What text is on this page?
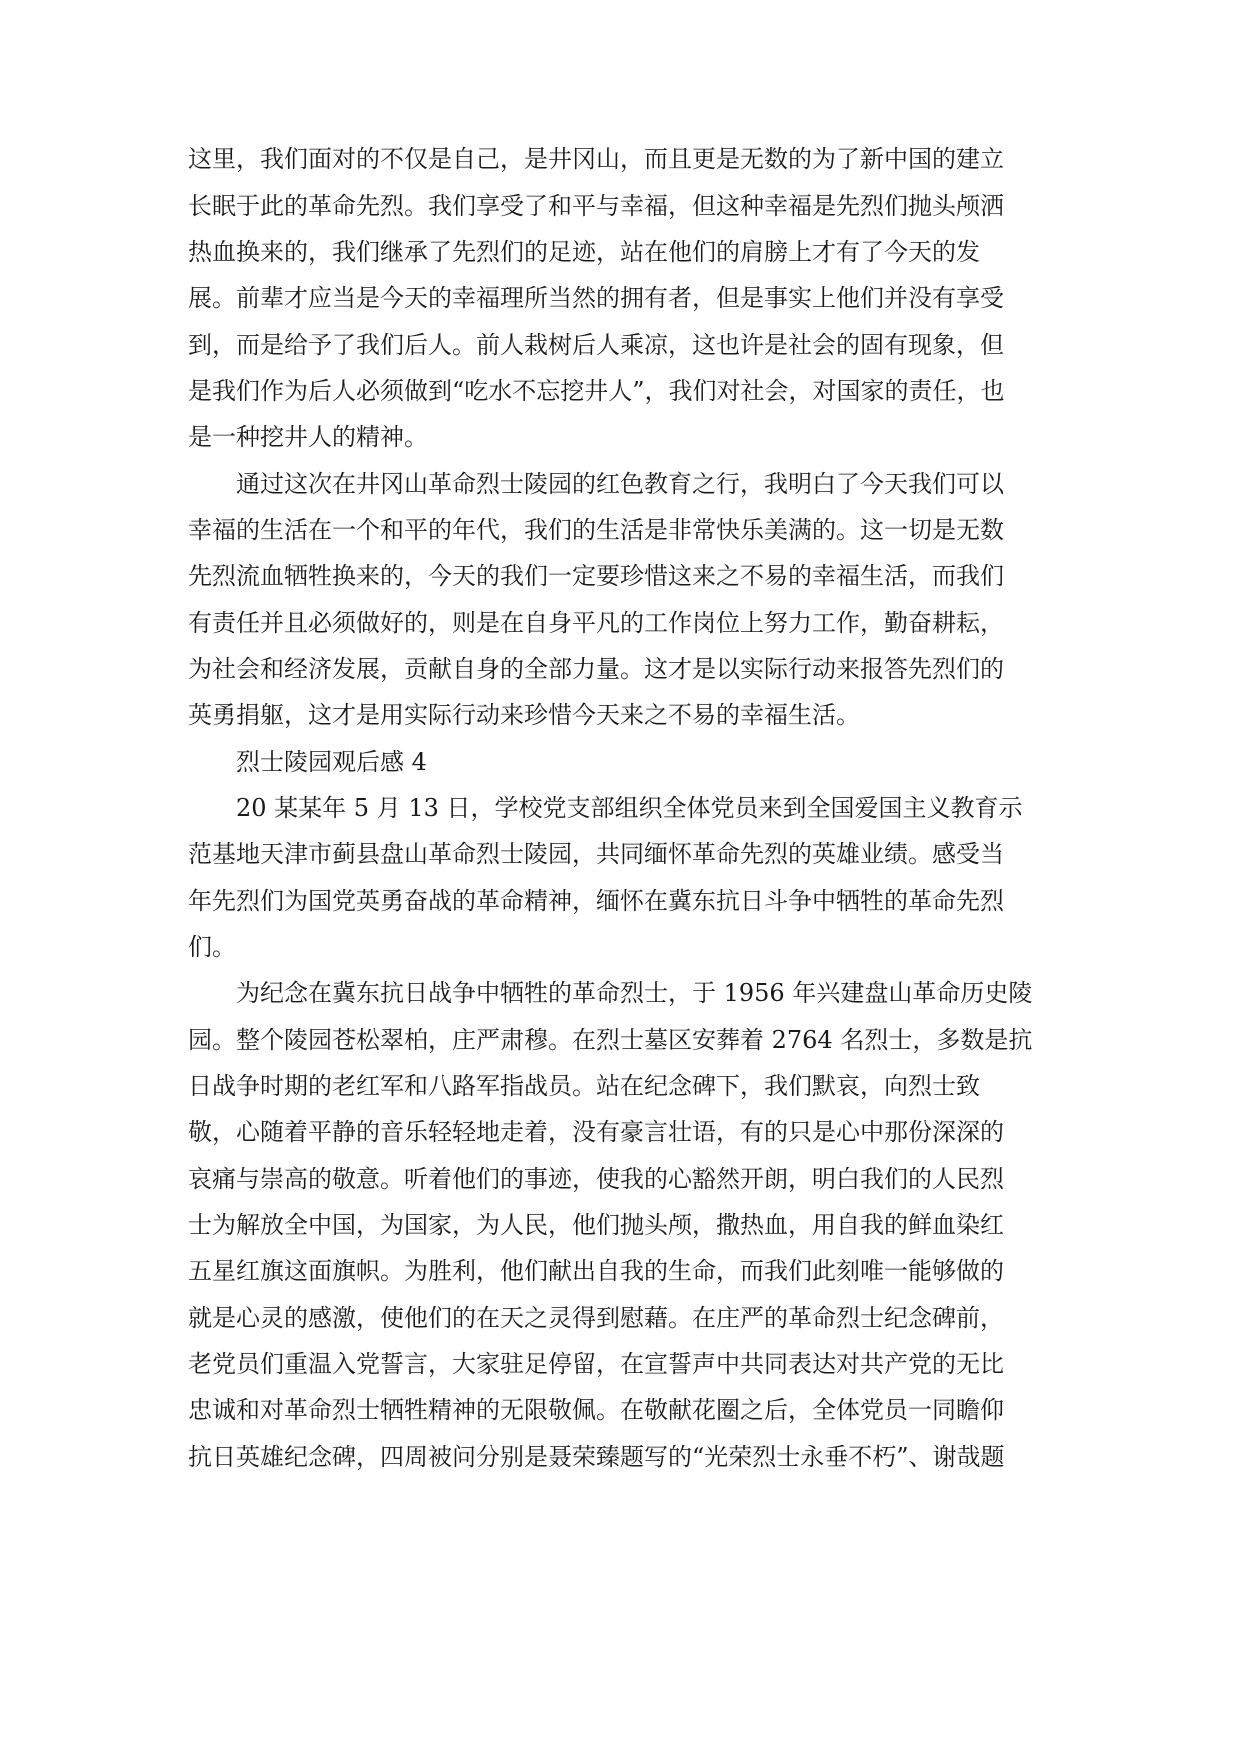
这里，我们面对的不仅是自己，是井冈山，而且更是无数的为了新中国的建立
长眠于此的革命先烈。我们享受了和平与幸福，但这种幸福是先烈们抛头颅洒
热血换来的，我们继承了先烈们的足迹，站在他们的肩膀上才有了今天的发
展。前辈才应当是今天的幸福理所当然的拥有者，但是事实上他们并没有享受
到，而是给予了我们后人。前人栽树后人乘凉，这也许是社会的固有现象，但
是我们作为后人必须做到“吃水不忘挖井人”，我们对社会，对国家的责任，也
是一种挖井人的精神。
通过这次在井冈山革命烈士陵园的红色教育之行，我明白了今天我们可以
幸福的生活在一个和平的年代，我们的生活是非常快乐美满的。这一切是无数
先烈流血牺牲换来的，今天的我们一定要珍惜这来之不易的幸福生活，而我们
有责任并且必须做好的，则是在自身平凡的工作岗位上努力工作，勤奋耕耘，
为社会和经济发展，贡献自身的全部力量。这才是以实际行动来报答先烈们的
英勇捐躯，这才是用实际行动来珍惜今天来之不易的幸福生活。
烈士陵园观后感 4
20 某某年 5 月 13 日，学校党支部组织全体党员来到全国爱国主义教育示
范基地天津市蓟县盘山革命烈士陵园，共同缅怀革命先烈的英雄业绩。感受当
年先烈们为国党英勇奋战的革命精神，缅怀在冀东抗日斗争中牺牲的革命先烈
们。
为纪念在冀东抗日战争中牺牲的革命烈士，于 1956 年兴建盘山革命历史陵
园。整个陵园苍松翠柏，庄严肃穆。在烈士墓区安葬着 2764 名烈士，多数是抗
日战争时期的老红军和八路军指战员。站在纪念碑下，我们默哀，向烈士致
敬，心随着平静的音乐轻轻地走着，没有豪言壮语，有的只是心中那份深深的
哀痛与崇高的敬意。听着他们的事迹，使我的心豁然开朗，明白我们的人民烈
士为解放全中国，为国家，为人民，他们抛头颅，撒热血，用自我的鲜血染红
五星红旗这面旗帜。为胜利，他们献出自我的生命，而我们此刻唯一能够做的
就是心灵的感激，使他们的在天之灵得到慰藉。在庄严的革命烈士纪念碑前，
老党员们重温入党誓言，大家驻足停留，在宣誓声中共同表达对共产党的无比
忠诚和对革命烈士牺牲精神的无限敬佩。在敬献花圈之后，全体党员一同瞻仰
抗日英雄纪念碑，四周被问分别是聂荣臻题写的“光荣烈士永垂不朽”、谢哉题
